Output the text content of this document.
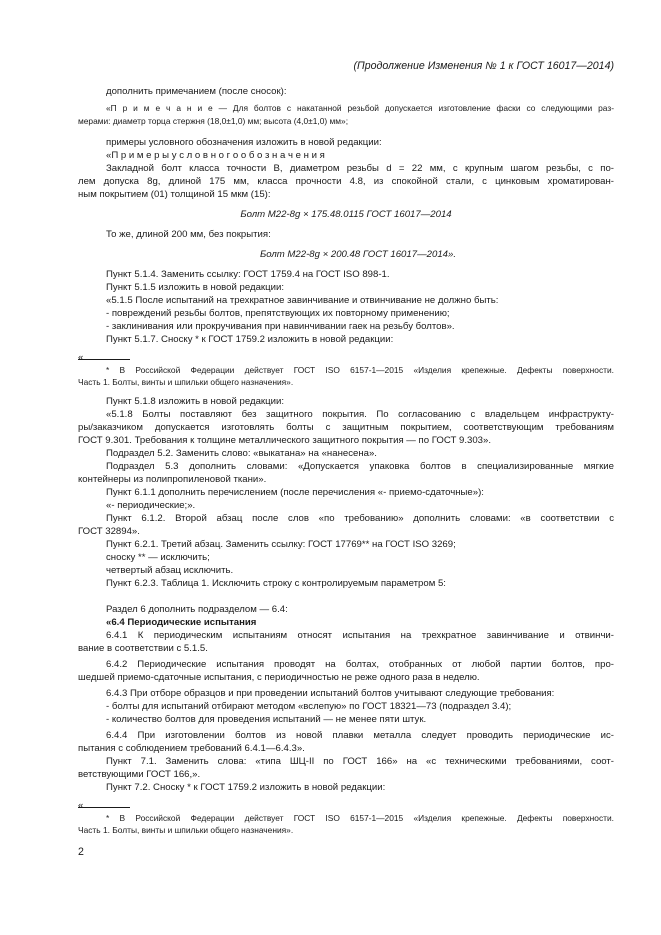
(Продолжение Изменения № 1 к ГОСТ 16017—2014)
дополнить примечанием (после сносок):
«П р и м е ч а н и е — Для болтов с накатанной резьбой допускается изготовление фаски со следующими раз-
мерами: диаметр торца стержня (18,0±1,0) мм; высота (4,0±1,0) мм»;
примеры условного обозначения изложить в новой редакции:
«П р и м е р ы у с л о в н о г о о б о з н а ч е н и я
Закладной болт класса точности В, диаметром резьбы d = 22 мм, с крупным шагом резьбы, с по-
лем допуска 8g, длиной 175 мм, класса прочности 4.8, из спокойной стали, с цинковым хроматирован-
ным покрытием (01) толщиной 15 мкм (15):
Болт М22-8g × 175.48.0115 ГОСТ 16017—2014
То же, длиной 200 мм, без покрытия:
Болт М22-8g × 200.48 ГОСТ 16017—2014».
Пункт 5.1.4. Заменить ссылку: ГОСТ 1759.4 на ГОСТ ISO 898-1.
Пункт 5.1.5 изложить в новой редакции:
«5.1.5 После испытаний на трехкратное завинчивание и отвинчивание не должно быть:
- повреждений резьбы болтов, препятствующих их повторному применению;
- заклинивания или прокручивания при навинчивании гаек на резьбу болтов».
Пункт 5.1.7. Сноску * к ГОСТ 1759.2 изложить в новой редакции:
«
* В Российской Федерации действует ГОСТ ISO 6157-1—2015 «Изделия крепежные. Дефекты поверхности.
Часть 1. Болты, винты и шпильки общего назначения».
Пункт 5.1.8 изложить в новой редакции:
«5.1.8 Болты поставляют без защитного покрытия. По согласованию с владельцем инфраструкту-
ры/заказчиком допускается изготовлять болты с защитным покрытием, соответствующим требованиям
ГОСТ 9.301. Требования к толщине металлического защитного покрытия — по ГОСТ 9.303».
Подраздел 5.2. Заменить слово: «выкатана» на «нанесена».
Подраздел 5.3 дополнить словами: «Допускается упаковка болтов в специализированные мягкие
контейнеры из полипропиленовой ткани».
Пункт 6.1.1 дополнить перечислением (после перечисления «- приемо-сдаточные»):
«- периодические;».
Пункт 6.1.2. Второй абзац после слов «по требованию» дополнить словами: «в соответствии с
ГОСТ 32894».
Пункт 6.2.1. Третий абзац. Заменить ссылку: ГОСТ 17769** на ГОСТ ISO 3269;
сноску ** — исключить;
четвертый абзац исключить.
Пункт 6.2.3. Таблица 1. Исключить строку с контролируемым параметром 5:
Раздел 6 дополнить подразделом — 6.4:
«6.4 Периодические испытания
6.4.1 К периодическим испытаниям относят испытания на трехкратное завинчивание и отвинчи-
вание в соответствии с 5.1.5.
6.4.2 Периодические испытания проводят на болтах, отобранных от любой партии болтов, про-
шедшей приемо-сдаточные испытания, с периодичностью не реже одного раза в неделю.
6.4.3 При отборе образцов и при проведении испытаний болтов учитывают следующие требования:
- болты для испытаний отбирают методом «вслепую» по ГОСТ 18321—73 (подраздел 3.4);
- количество болтов для проведения испытаний — не менее пяти штук.
6.4.4 При изготовлении болтов из новой плавки металла следует проводить периодические ис-
пытания с соблюдением требований 6.4.1—6.4.3».
Пункт 7.1. Заменить слова: «типа ШЦ-II по ГОСТ 166» на «с техническими требованиями, соот-
ветствующими ГОСТ 166,».
Пункт 7.2. Сноску * к ГОСТ 1759.2 изложить в новой редакции:
«
* В Российской Федерации действует ГОСТ ISO 6157-1—2015 «Изделия крепежные. Дефекты поверхности.
Часть 1. Болты, винты и шпильки общего назначения».
2
